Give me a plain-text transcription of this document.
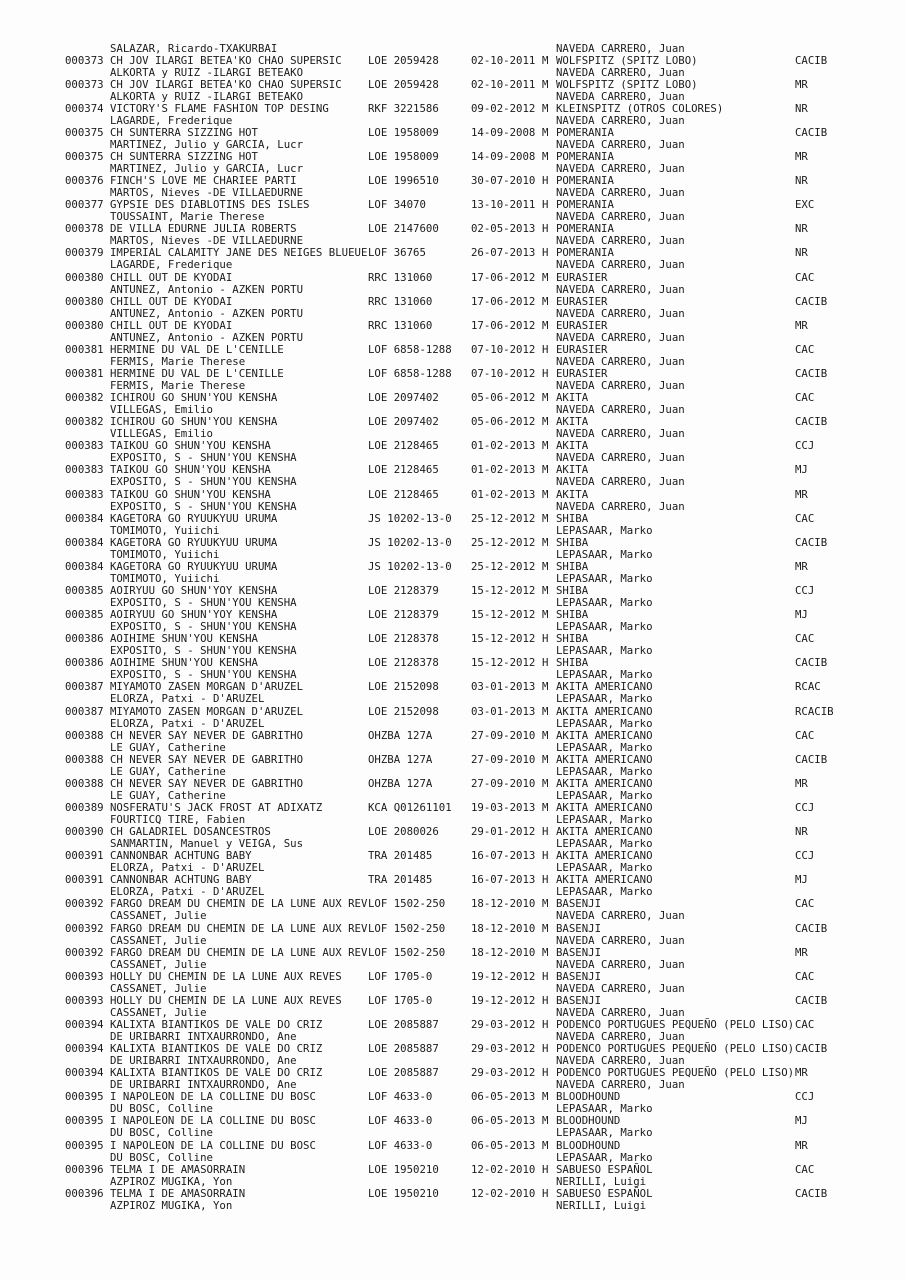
SALAZAR, Ricardo-TXAKURBAI	NAVEDA CARRERO, Juan
000373 CH JOV ILARGI BETEA'KO CHAO SUPERSIC LOE 2059428	02-10-2011 M WOLFSPITZ (SPITZ LOBO)	CACIB
ALKORTA y RUIZ -ILARGI BETEAKO	NAVEDA CARRERO, Juan
000373 CH JOV ILARGI BETEA'KO CHAO SUPERSIC LOE 2059428	02-10-2011 M WOLFSPITZ (SPITZ LOBO)	MR
ALKORTA y RUIZ -ILARGI BETEAKO	NAVEDA CARRERO, Juan
000374 VICTORY'S FLAME FASHION TOP DESING	RKF 3221586	09-02-2012 M KLEINSPITZ (OTROS COLORES)	NR
LAGARDE, Frederique	NAVEDA CARRERO, Juan
000375 CH SUNTERRA SIZZING HOT	LOE 1958009	14-09-2008 M POMERANIA	CACIB
MARTINEZ, Julio y GARCIA, Lucr	NAVEDA CARRERO, Juan
000375 CH SUNTERRA SIZZING HOT	LOE 1958009	14-09-2008 M POMERANIA	MR
MARTINEZ, Julio y GARCIA, Lucr	NAVEDA CARRERO, Juan
000376 FINCH'S LOVE ME CHARIEE PARTI	LOE 1996510	30-07-2010 H POMERANIA	NR
MARTOS, Nieves -DE VILLAEDURNE	NAVEDA CARRERO, Juan
000377 GYPSIE DES DIABLOTINS DES ISLES	LOF 34070	13-10-2011 H POMERANIA	EXC
TOUSSAINT, Marie Therese	NAVEDA CARRERO, Juan
000378 DE VILLA EDURNE JULIA ROBERTS	LOE 2147600	02-05-2013 H POMERANIA	NR
MARTOS, Nieves -DE VILLAEDURNE	NAVEDA CARRERO, Juan
000379 IMPERIAL CALAMITY JANE DES NEIGES BLUEUE LOF 36765	26-07-2013 H POMERANIA	NR
LAGARDE, Frederique	NAVEDA CARRERO, Juan
000380 CHILL OUT DE KYODAI	RRC 131060	17-06-2012 M EURASIER	CAC
ANTUNEZ, Antonio - AZKEN PORTU	NAVEDA CARRERO, Juan
000380 CHILL OUT DE KYODAI	RRC 131060	17-06-2012 M EURASIER	CACIB
ANTUNEZ, Antonio - AZKEN PORTU	NAVEDA CARRERO, Juan
000380 CHILL OUT DE KYODAI	RRC 131060	17-06-2012 M EURASIER	MR
ANTUNEZ, Antonio - AZKEN PORTU	NAVEDA CARRERO, Juan
000381 HERMINE DU VAL DE L'CENILLE	LOF 6858-1288 07-10-2012 H EURASIER	CAC
FERMIS, Marie Therese	NAVEDA CARRERO, Juan
000381 HERMINE DU VAL DE L'CENILLE	LOF 6858-1288 07-10-2012 H EURASIER	CACIB
FERMIS, Marie Therese	NAVEDA CARRERO, Juan
000382 ICHIROU GO SHUN'YOU KENSHA	LOE 2097402	05-06-2012 M AKITA	CAC
VILLEGAS, Emilio	NAVEDA CARRERO, Juan
000382 ICHIROU GO SHUN'YOU KENSHA	LOE 2097402	05-06-2012 M AKITA	CACIB
VILLEGAS, Emilio	NAVEDA CARRERO, Juan
000383 TAIKOU GO SHUN'YOU KENSHA	LOE 2128465	01-02-2013 M AKITA	CCJ
EXPOSITO, S - SHUN'YOU KENSHA	NAVEDA CARRERO, Juan
000383 TAIKOU GO SHUN'YOU KENSHA	LOE 2128465	01-02-2013 M AKITA	MJ
EXPOSITO, S - SHUN'YOU KENSHA	NAVEDA CARRERO, Juan
000383 TAIKOU GO SHUN'YOU KENSHA	LOE 2128465	01-02-2013 M AKITA	MR
EXPOSITO, S - SHUN'YOU KENSHA	NAVEDA CARRERO, Juan
000384 KAGETORA GO RYUUKYUU URUMA	JS 10202-13-0 25-12-2012 M SHIBA	CAC
TOMIMOTO, Yuiichi	LEPASAAR, Marko
000384 KAGETORA GO RYUUKYUU URUMA	JS 10202-13-0 25-12-2012 M SHIBA	CACIB
TOMIMOTO, Yuiichi	LEPASAAR, Marko
000384 KAGETORA GO RYUUKYUU URUMA	JS 10202-13-0 25-12-2012 M SHIBA	MR
TOMIMOTO, Yuiichi	LEPASAAR, Marko
000385 AOIRYUU GO SHUN'YOY KENSHA	LOE 2128379	15-12-2012 M SHIBA	CCJ
EXPOSITO, S - SHUN'YOU KENSHA	LEPASAAR, Marko
000385 AOIRYUU GO SHUN'YOY KENSHA	LOE 2128379	15-12-2012 M SHIBA	MJ
EXPOSITO, S - SHUN'YOU KENSHA	LEPASAAR, Marko
000386 AOIHIME SHUN'YOU KENSHA	LOE 2128378	15-12-2012 H SHIBA	CAC
EXPOSITO, S - SHUN'YOU KENSHA	LEPASAAR, Marko
000386 AOIHIME SHUN'YOU KENSHA	LOE 2128378	15-12-2012 H SHIBA	CACIB
EXPOSITO, S - SHUN'YOU KENSHA	LEPASAAR, Marko
000387 MIYAMOTO ZASEN MORGAN D'ARUZEL	LOE 2152098	03-01-2013 M AKITA AMERICANO	RCAC
ELORZA, Patxi - D'ARUZEL	LEPASAAR, Marko
000387 MIYAMOTO ZASEN MORGAN D'ARUZEL	LOE 2152098	03-01-2013 M AKITA AMERICANO	RCACIB
ELORZA, Patxi - D'ARUZEL	LEPASAAR, Marko
000388 CH NEVER SAY NEVER DE GABRITHO	OHZBA 127A	27-09-2010 M AKITA AMERICANO	CAC
LE GUAY, Catherine	LEPASAAR, Marko
000388 CH NEVER SAY NEVER DE GABRITHO	OHZBA 127A	27-09-2010 M AKITA AMERICANO	CACIB
LE GUAY, Catherine	LEPASAAR, Marko
000388 CH NEVER SAY NEVER DE GABRITHO	OHZBA 127A	27-09-2010 M AKITA AMERICANO	MR
LE GUAY, Catherine	LEPASAAR, Marko
000389 NOSFERATU'S JACK FROST AT ADIXATZ	KCA Q01261101 19-03-2013 M AKITA AMERICANO	CCJ
FOURTICQ TIRE, Fabien	LEPASAAR, Marko
000390 CH GALADRIEL DOSANCESTROS	LOE 2080026	29-01-2012 H AKITA AMERICANO	NR
SANMARTIN, Manuel y VEIGA, Sus	LEPASAAR, Marko
000391 CANNONBAR ACHTUNG BABY	TRA 201485	16-07-2013 H AKITA AMERICANO	CCJ
ELORZA, Patxi - D'ARUZEL	LEPASAAR, Marko
000391 CANNONBAR ACHTUNG BABY	TRA 201485	16-07-2013 H AKITA AMERICANO	MJ
ELORZA, Patxi - D'ARUZEL	LEPASAAR, Marko
000392 FARGO DREAM DU CHEMIN DE LA LUNE AUX REV LOF 1502-250 18-12-2010 M BASENJI	CAC
CASSANET, Julie	NAVEDA CARRERO, Juan
000392 FARGO DREAM DU CHEMIN DE LA LUNE AUX REV LOF 1502-250 18-12-2010 M BASENJI	CACIB
CASSANET, Julie	NAVEDA CARRERO, Juan
000392 FARGO DREAM DU CHEMIN DE LA LUNE AUX REV LOF 1502-250 18-12-2010 M BASENJI	MR
CASSANET, Julie	NAVEDA CARRERO, Juan
000393 HOLLY DU CHEMIN DE LA LUNE AUX REVES LOF 1705-0	19-12-2012 H BASENJI	CAC
CASSANET, Julie	NAVEDA CARRERO, Juan
000393 HOLLY DU CHEMIN DE LA LUNE AUX REVES LOF 1705-0	19-12-2012 H BASENJI	CACIB
CASSANET, Julie	NAVEDA CARRERO, Juan
000394 KALIXTA BIANTIKOS DE VALE DO CRIZ	LOE 2085887	29-03-2012 H PODENCO PORTUGUES PEQUEÑO (PELO LISO) CAC
DE URIBARRI INTXAURRONDO, Ane	NAVEDA CARRERO, Juan
000394 KALIXTA BIANTIKOS DE VALE DO CRIZ	LOE 2085887	29-03-2012 H PODENCO PORTUGUES PEQUEÑO (PELO LISO) CACIB
DE URIBARRI INTXAURRONDO, Ane	NAVEDA CARRERO, Juan
000394 KALIXTA BIANTIKOS DE VALE DO CRIZ	LOE 2085887	29-03-2012 H PODENCO PORTUGUES PEQUEÑO (PELO LISO) MR
DE URIBARRI INTXAURRONDO, Ane	NAVEDA CARRERO, Juan
000395 I NAPOLEON DE LA COLLINE DU BOSC	LOF 4633-0	06-05-2013 M BLOODHOUND	CCJ
DU BOSC, Colline	LEPASAAR, Marko
000395 I NAPOLEON DE LA COLLINE DU BOSC	LOF 4633-0	06-05-2013 M BLOODHOUND	MJ
DU BOSC, Colline	LEPASAAR, Marko
000395 I NAPOLEON DE LA COLLINE DU BOSC	LOF 4633-0	06-05-2013 M BLOODHOUND	MR
DU BOSC, Colline	LEPASAAR, Marko
000396 TELMA I DE AMASORRAIN	LOE 1950210	12-02-2010 H SABUESO ESPAÑOL	CAC
AZPIROZ MUGIKA, Yon	NERILLI, Luigi
000396 TELMA I DE AMASORRAIN	LOE 1950210	12-02-2010 H SABUESO ESPAÑOL	CACIB
AZPIROZ MUGIKA, Yon	NERILLI, Luigi
